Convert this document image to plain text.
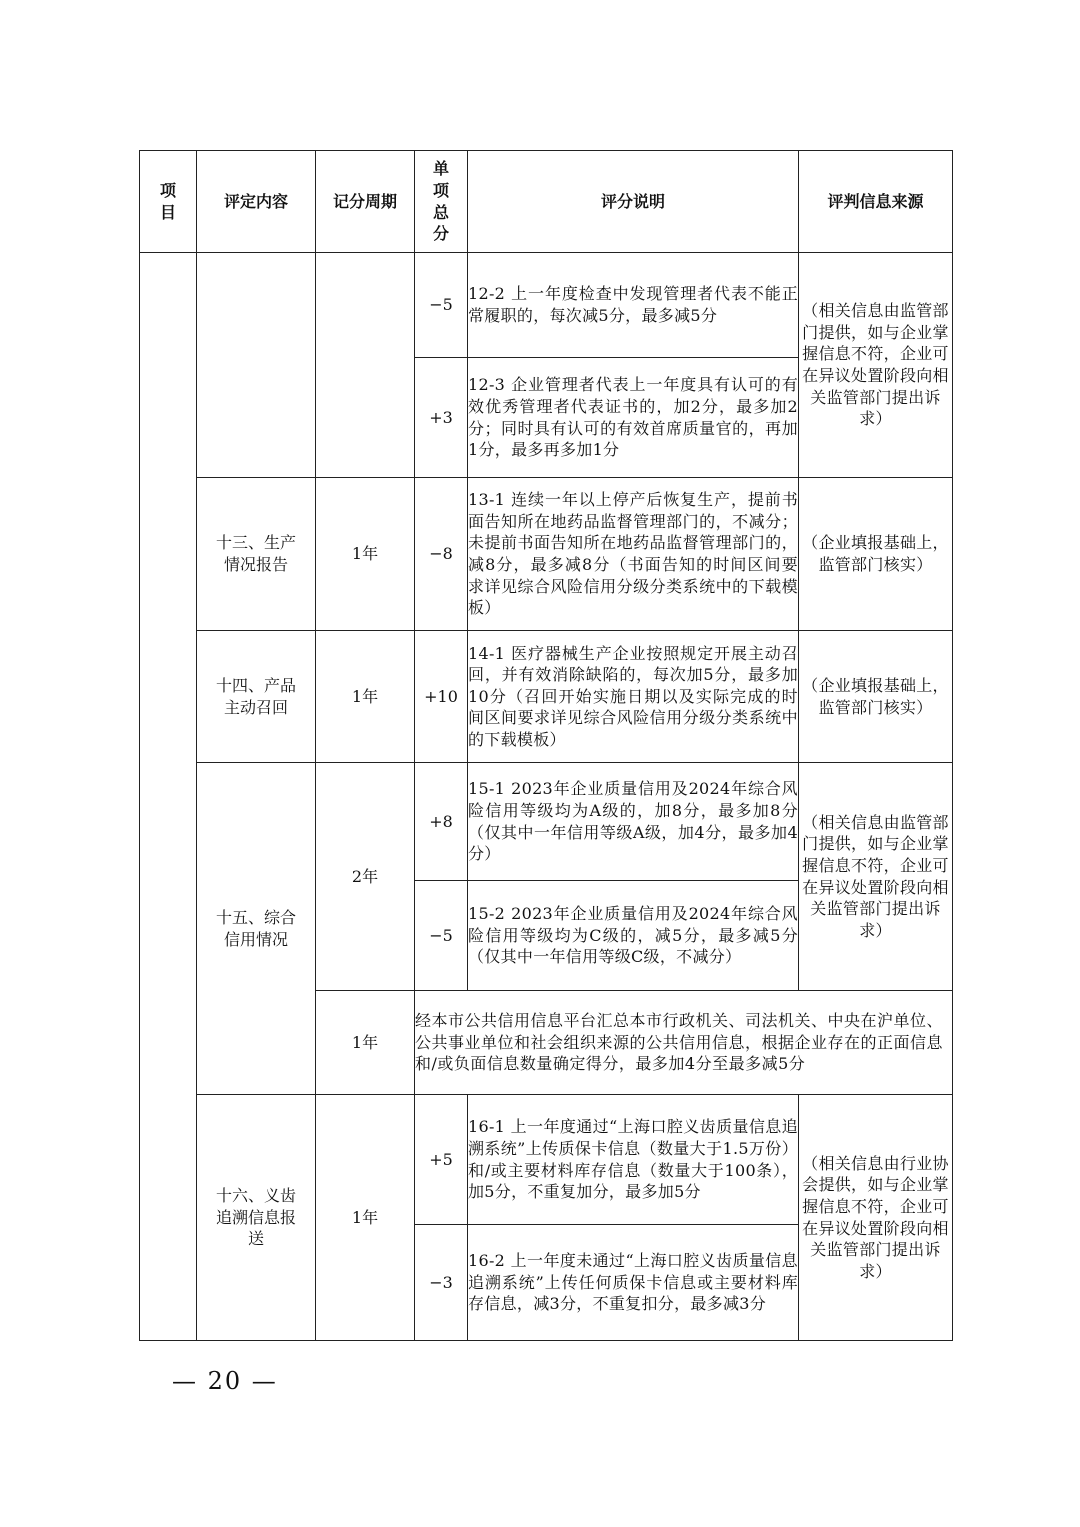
项目	评定内容	记分周期	单项总分	评分说明	评判信息来源
			−5	12-2 上一年度检查中发现管理者代表不能正常履职的，每次减5分，最多减5分	（相关信息由监管部门提供，如与企业掌握信息不符，企业可在异议处置阶段向相关监管部门提出诉求）
			+3	12-3 企业管理者代表上一年度具有认可的有效优秀管理者代表证书的，加2分，最多加2分；同时具有认可的有效首席质量官的，再加1分，最多再多加1分	
	十三、生产情况报告	1年	−8	13-1 连续一年以上停产后恢复生产，提前书面告知所在地药品监督管理部门的，不减分；未提前书面告知所在地药品监督管理部门的，减8分，最多减8分（书面告知的时间区间要求详见综合风险信用分级分类系统中的下载模板）	（企业填报基础上，监管部门核实）
	十四、产品主动召回	1年	+10	14-1 医疗器械生产企业按照规定开展主动召回，并有效消除缺陷的，每次加5分，最多加10分（召回开始实施日期以及实际完成的时间区间要求详见综合风险信用分级分类系统中的下载模板）	（企业填报基础上，监管部门核实）
	十五、综合信用情况	2年	+8	15-1 2023年企业质量信用及2024年综合风险信用等级均为A级的，加8分，最多加8分（仅其中一年信用等级A级，加4分，最多加4分）	（相关信息由监管部门提供，如与企业掌握信息不符，企业可在异议处置阶段向相关监管部门提出诉求）
			−5	15-2 2023年企业质量信用及2024年综合风险信用等级均为C级的，减5分，最多减5分（仅其中一年信用等级C级，不减分）	
		1年	经本市公共信用信息平台汇总本市行政机关、司法机关、中央在沪单位、公共事业单位和社会组织来源的公共信用信息，根据企业存在的正面信息和/或负面信息数量确定得分，最多加4分至最多减5分		
	十六、义齿追溯信息报送	1年	+5	16-1 上一年度通过“上海口腔义齿质量信息追溯系统”上传质保卡信息（数量大于1.5万份）和/或主要材料库存信息（数量大于100条），加5分，不重复加分，最多加5分	（相关信息由行业协会提供，如与企业掌握信息不符，企业可在异议处置阶段向相关监管部门提出诉求）
			−3	16-2 上一年度未通过“上海口腔义齿质量信息追溯系统”上传任何质保卡信息或主要材料库存信息，减3分，不重复扣分，最多减3分	
— 20 —
